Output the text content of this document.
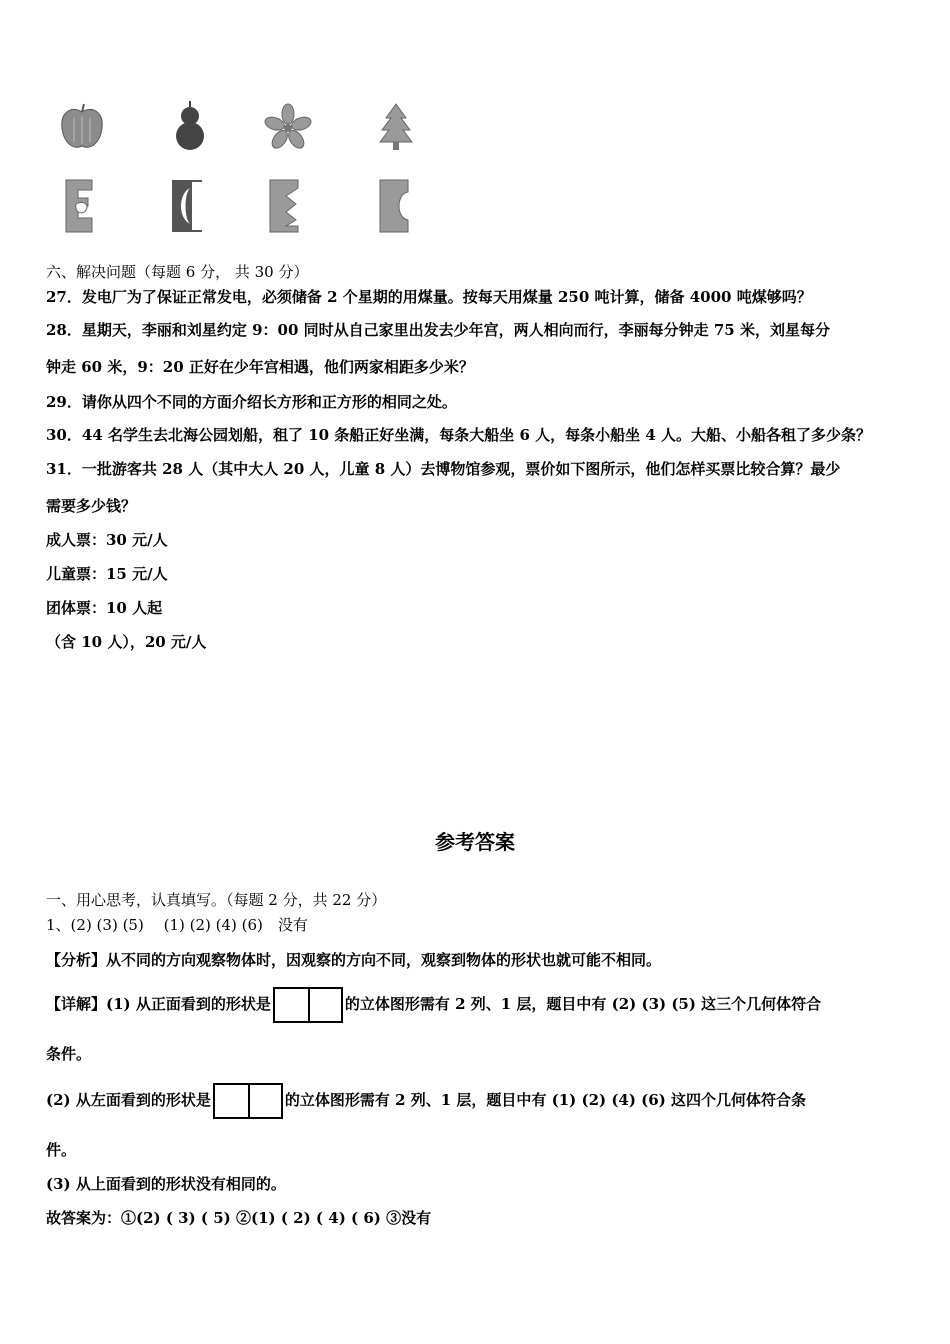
六、解决问题（每题 6 分， 共 30 分）
27．发电厂为了保证正常发电，必须储备 2 个星期的用煤量。按每天用煤量 250 吨计算，储备 4000 吨煤够吗？
28．星期天，李丽和刘星约定 9：00 同时从自己家里出发去少年宫，两人相向而行，李丽每分钟走 75 米，刘星每分
钟走 60 米，9：20 正好在少年宫相遇，他们两家相距多少米？
29．请你从四个不同的方面介绍长方形和正方形的相同之处。
30．44 名学生去北海公园划船，租了 10 条船正好坐满，每条大船坐 6 人，每条小船坐 4 人。大船、小船各租了多少条？
31．一批游客共 28 人（其中大人 20 人，儿童 8 人）去博物馆参观，票价如下图所示，他们怎样买票比较合算？最少
需要多少钱？
成人票：30 元/人
儿童票：15 元/人
团体票：10 人起
（含 10 人），20 元/人
参考答案
一、用心思考，认真填写。（每题 2 分，共 22 分）
1、(2) (3) (5)　 (1) (2) (4) (6)　没有
【分析】从不同的方向观察物体时，因观察的方向不同，观察到物体的形状也就可能不相同。
【详解】(1) 从正面看到的形状是	的立体图形需有 2 列、1 层，题目中有 (2) (3) (5) 这三个几何体符合
条件。
(2) 从左面看到的形状是	的立体图形需有 2 列、1 层，题目中有 (1) (2) (4) (6) 这四个几何体符合条
件。
(3) 从上面看到的形状没有相同的。
故答案为：①(2) ( 3) ( 5) ②(1) ( 2) ( 4) ( 6) ③没有
